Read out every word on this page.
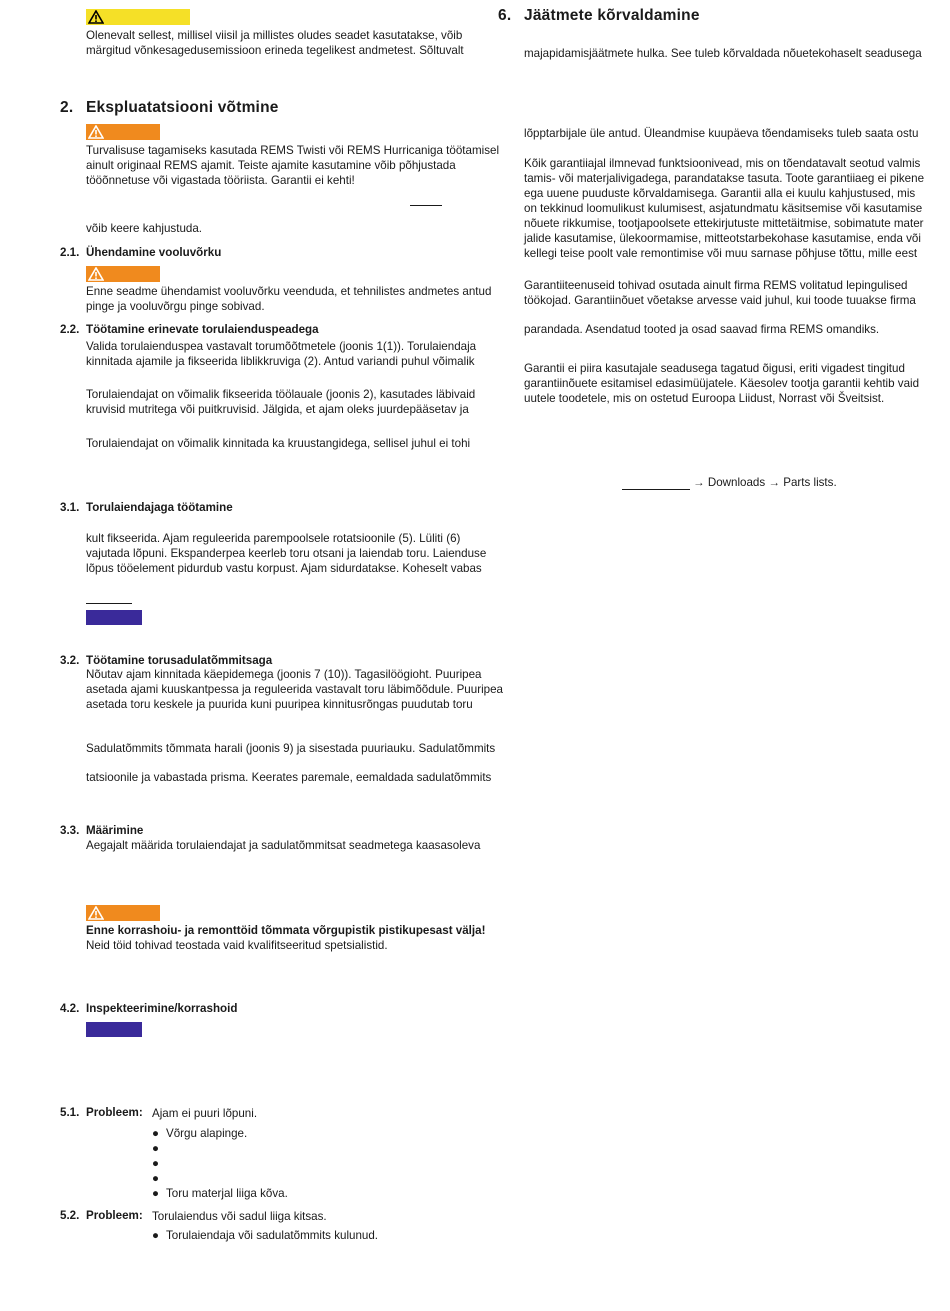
Olenevalt sellest, millisel viisil ja millistes oludes seadet kasutatakse, võib
märgitud võnkesagedusemissioon erineda tegelikest andmetest. Sõltuvalt
2. Ekspluatatsiooni võtmine
Turvalisuse tagamiseks kasutada REMS Twisti või REMS Hurricaniga töötamisel
ainult originaal REMS ajamit. Teiste ajamite kasutamine võib põhjustada
tööõnnetuse või vigastada tööriista. Garantii ei kehti!
võib keere kahjustuda.
2.1. Ühendamine vooluvõrku
Enne seadme ühendamist vooluvõrku veenduda, et tehnilistes andmetes antud
pinge ja vooluvõrgu pinge sobivad.
2.2. Töötamine erinevate torulaienduspeadega
Valida torulaienduspea vastavalt torumõõtmetele (joonis 1(1)). Torulaiendaja
kinnitada ajamile ja fikseerida liblikkruviga (2). Antud variandi puhul võimalik
Torulaiendajat on võimalik fikseerida töölauale (joonis 2), kasutades läbivaid
kruvisid mutritega või puitkruvisid. Jälgida, et ajam oleks juurdepääsetav ja
Torulaiendajat on võimalik kinnitada ka kruustangidega, sellisel juhul ei tohi
3.1. Torulaiendajaga töötamine
kult fikseerida. Ajam reguleerida parempoolsele rotatsioonile (5). Lüliti (6)
vajutada lõpuni. Ekspanderpea keerleb toru otsani ja laiendab toru. Laienduse
lõpus tööelement pidurdub vastu korpust. Ajam sidurdatakse. Koheselt vabas
3.2. Töötamine torusadulatõmmitsaga
Nõutav ajam kinnitada käepidemega (joonis 7 (10)). Tagasilöögioht. Puuripea
asetada ajami kuuskantpessa ja reguleerida vastavalt toru läbimõõdule. Puuripea
asetada toru keskele ja puurida kuni puuripea kinnitusrõngas puudutab toru
Sadulatõmmits tõmmata harali (joonis 9) ja sisestada puuriauku. Sadulatõmmits
tatsioonile ja vabastada prisma. Keerates paremale, eemaldada sadulatõmmits
3.3. Määrimine
Aegajalt määrida torulaiendajat ja sadulatõmmitsat seadmetega kaasasoleva
Enne korrashoiu- ja remonttöid tõmmata võrgupistik pistikupesast välja!
Neid töid tohivad teostada vaid kvalifitseeritud spetsialistid.
4.2. Inspekteerimine/korrashoid
5.1. Probleem: Ajam ei puuri lõpuni.
● Võrgu alapinge.
●
●
●
● Toru materjal liiga kõva.
5.2. Probleem: Torulaiendus või sadul liiga kitsas.
● Torulaiendaja või sadulatõmmits kulunud.
6. Jäätmete kõrvaldamine
majapidamisjäätmete hulka. See tuleb kõrvaldada nõuetekohaselt seadusega
lõpptarbijale üle antud. Üleandmise kuupäeva tõendamiseks tuleb saata ostu
Kõik garantiiajal ilmnevad funktsioonivead, mis on tõendatavalt seotud valmis
tamis- või materjalivigadega, parandatakse tasuta. Toote garantiiaeg ei pikene
ega uuene puuduste kõrvaldamisega. Garantii alla ei kuulu kahjustused, mis
on tekkinud loomulikust kulumisest, asjatundmatu käsitsemise või kasutamise
nõuete rikkumise, tootjapoolsete ettekirjutuste mittetäitmise, sobimatute mater
jalide kasutamise, ülekoormamise, mitteotstarbekohase kasutamise, enda või
kellegi teise poolt vale remontimise või muu sarnase põhjuse tõttu, mille eest
Garantiiteenuseid tohivad osutada ainult firma REMS volitatud lepingulised
töökojad. Garantiinõuet võetakse arvesse vaid juhul, kui toode tuuakse firma
parandada. Asendatud tooted ja osad saavad firma REMS omandiks.
Garantii ei piira kasutajale seadusega tagatud õigusi, eriti vigadest tingitud
garantiinõuete esitamisel edasimüüjatele. Käesolev tootja garantii kehtib vaid
uutele toodetele, mis on ostetud Euroopa Liidust, Norrast või Šveitsist.
→ Downloads → Parts lists.
